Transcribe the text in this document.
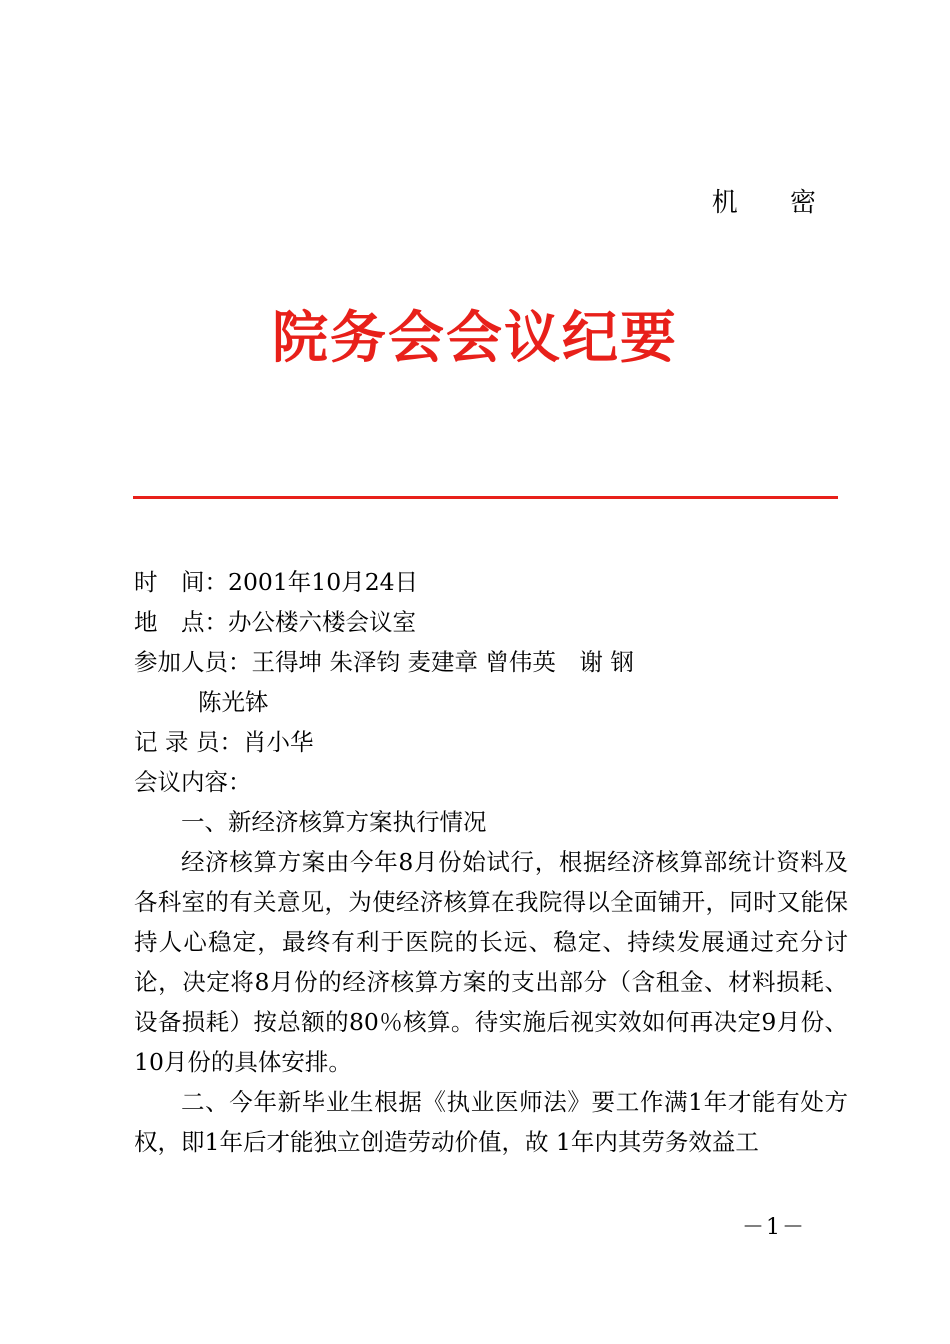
机 密
院务会会议纪要
时　间：2001年10月24日
地　点：办公楼六楼会议室
参加人员：王得坤 朱泽钧 麦建章 曾伟英　谢 钢
陈光钵
记 录 员：肖小华
会议内容：
一、新经济核算方案执行情况
经济核算方案由今年8月份始试行，根据经济核算部统计资料及各科室的有关意见，为使经济核算在我院得以全面铺开，同时又能保持人心稳定，最终有利于医院的长远、稳定、持续发展通过充分讨论，决定将8月份的经济核算方案的支出部分（含租金、材料损耗、设备损耗）按总额的80％核算。待实施后视实效如何再决定9月份、10月份的具体安排。
二、今年新毕业生根据《执业医师法》要工作满1年才能有处方权，即1年后才能独立创造劳动价值，故 1年内其劳务效益工
－1－
